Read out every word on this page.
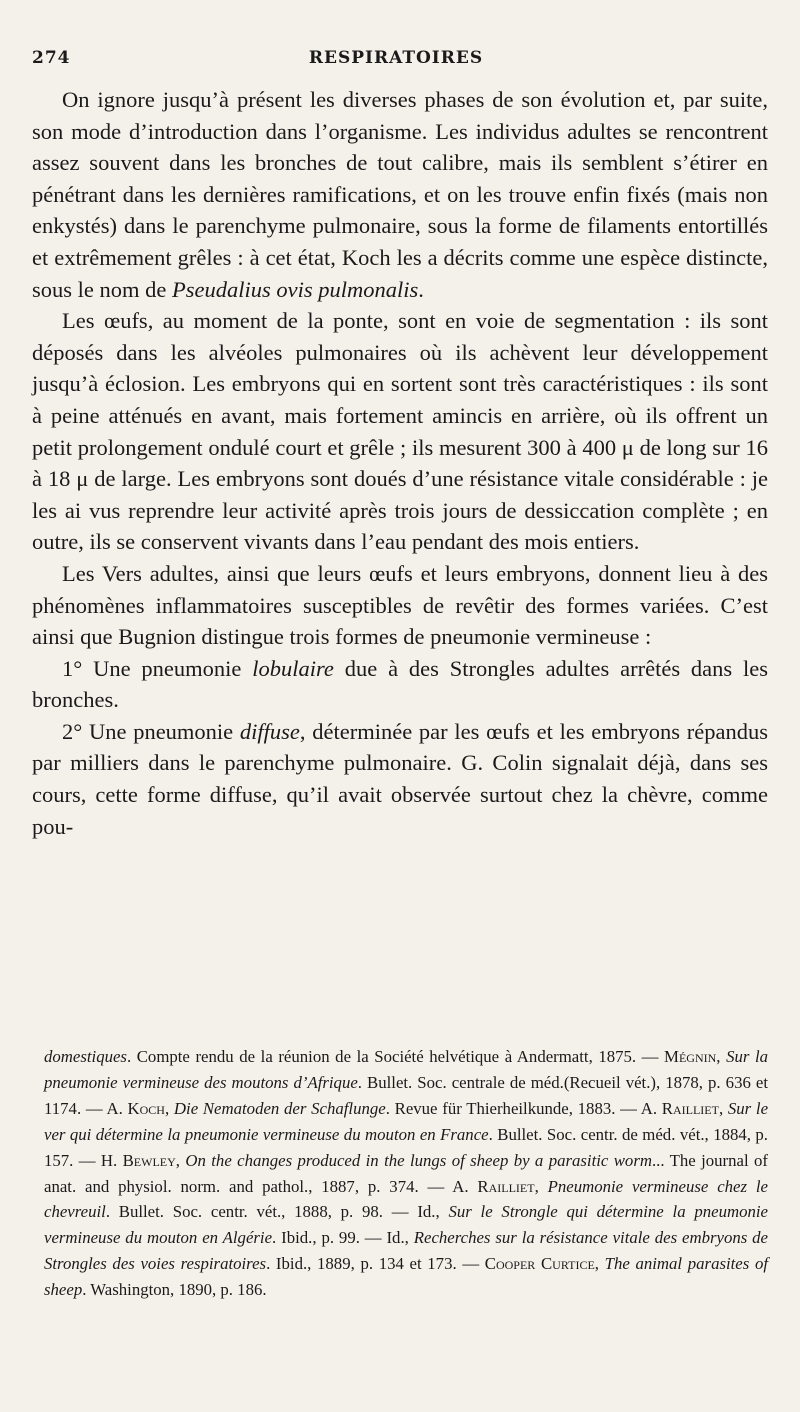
274	RESPIRATOIRES

On ignore jusqu’à présent les diverses phases de son évolution et, par suite, son mode d’introduction dans l’organisme. Les individus adultes se rencontrent assez souvent dans les bronches de tout calibre, mais ils semblent s’étirer en pénétrant dans les dernières ramifications, et on les trouve enfin fixés (mais non enkystés) dans le parenchyme pulmonaire, sous la forme de filaments entortillés et extrêmement grêles : à cet état, Koch les a décrits comme une espèce distincte, sous le nom de Pseudalius ovis pulmonalis.

Les œufs, au moment de la ponte, sont en voie de segmentation : ils sont déposés dans les alvéoles pulmonaires où ils achèvent leur développement jusqu’à éclosion. Les embryons qui en sortent sont très caractéristiques : ils sont à peine atténués en avant, mais fortement amincis en arrière, où ils offrent un petit prolongement ondulé court et grêle ; ils mesurent 300 à 400 μ de long sur 16 à 18 μ de large. Les embryons sont doués d’une résistance vitale considérable : je les ai vus reprendre leur activité après trois jours de dessiccation complète ; en outre, ils se conservent vivants dans l’eau pendant des mois entiers.

Les Vers adultes, ainsi que leurs œufs et leurs embryons, donnent lieu à des phénomènes inflammatoires susceptibles de revêtir des formes variées. C’est ainsi que Bugnion distingue trois formes de pneumonie vermineuse :

1° Une pneumonie lobulaire due à des Strongles adultes arrêtés dans les bronches.

2° Une pneumonie diffuse, déterminée par les œufs et les embryons répandus par milliers dans le parenchyme pulmonaire. G. Colin signalait déjà, dans ses cours, cette forme diffuse, qu’il avait observée surtout chez la chèvre, comme pou-

domestiques. Compte rendu de la réunion de la Société helvétique à Andermatt, 1875. — Mégnin, Sur la pneumonie vermineuse des moutons d’Afrique. Bullet. Soc. centrale de méd.(Recueil vét.), 1878, p. 636 et 1174. — A. Koch, Die Nematoden der Schaflunge. Revue für Thierheilkunde, 1883. — A. Railliet, Sur le ver qui détermine la pneumonie vermineuse du mouton en France. Bullet. Soc. centr. de méd. vét., 1884, p. 157. — H. Bewley, On the changes produced in the lungs of sheep by a parasitic worm... The journal of anat. and physiol. norm. and pathol., 1887, p. 374. — A. Railliet, Pneumonie vermineuse chez le chevreuil. Bullet. Soc. centr. vét., 1888, p. 98. — Id., Sur le Strongle qui détermine la pneumonie vermineuse du mouton en Algérie. Ibid., p. 99. — Id., Recherches sur la résistance vitale des embryons de Strongles des voies respiratoires. Ibid., 1889, p. 134 et 173. — Cooper Curtice, The animal parasites of sheep. Washington, 1890, p. 186.
